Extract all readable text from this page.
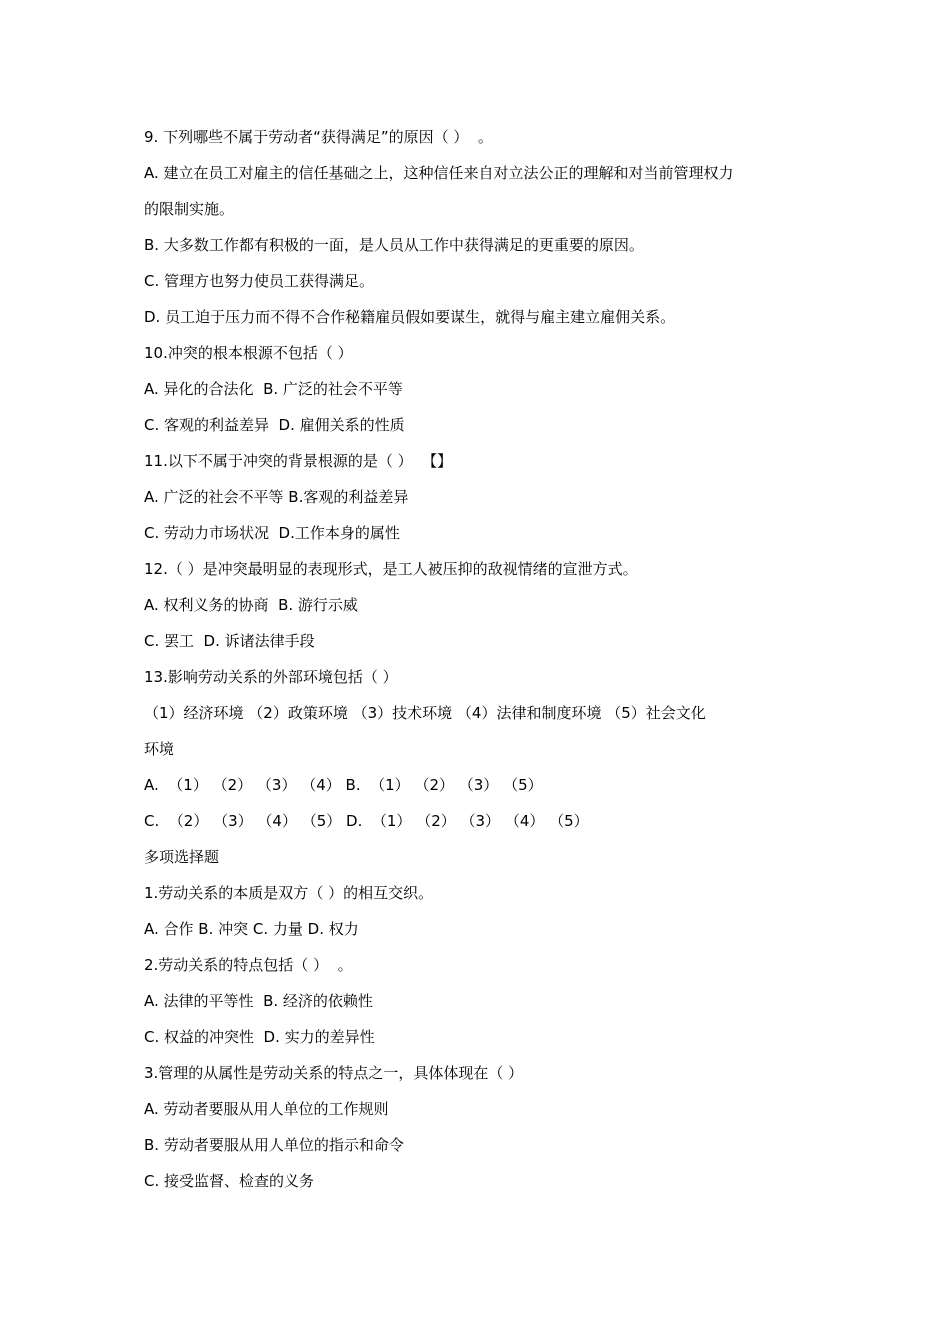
9. 下列哪些不属于劳动者“获得满足”的原因（ ）  。
A. 建立在员工对雇主的信任基础之上，这种信任来自对立法公正的理解和对当前管理权力
的限制实施。
B. 大多数工作都有积极的一面，是人员从工作中获得满足的更重要的原因。
C. 管理方也努力使员工获得满足。
D. 员工迫于压力而不得不合作秘籍雇员假如要谋生，就得与雇主建立雇佣关系。
10.冲突的根本根源不包括（ ）
A. 异化的合法化  B. 广泛的社会不平等
C. 客观的利益差异  D. 雇佣关系的性质
11.以下不属于冲突的背景根源的是（ ）  【】
A. 广泛的社会不平等 B.客观的利益差异
C. 劳动力市场状况  D.工作本身的属性
12.（ ）是冲突最明显的表现形式，是工人被压抑的敌视情绪的宣泄方式。
A. 权利义务的协商  B. 游行示威
C. 罢工  D. 诉诸法律手段
13.影响劳动关系的外部环境包括（ ）
（1）经济环境 （2）政策环境 （3）技术环境 （4）法律和制度环境 （5）社会文化
环境
A.  （1） （2） （3） （4） B.  （1） （2） （3） （5）
C.  （2） （3） （4） （5） D.  （1） （2） （3） （4） （5）
多项选择题
1.劳动关系的本质是双方（ ）的相互交织。
A. 合作 B. 冲突 C. 力量 D. 权力
2.劳动关系的特点包括（ ）  。
A. 法律的平等性  B. 经济的依赖性
C. 权益的冲突性  D. 实力的差异性
3.管理的从属性是劳动关系的特点之一，具体体现在（ ）
A. 劳动者要服从用人单位的工作规则
B. 劳动者要服从用人单位的指示和命令
C. 接受监督、检查的义务
